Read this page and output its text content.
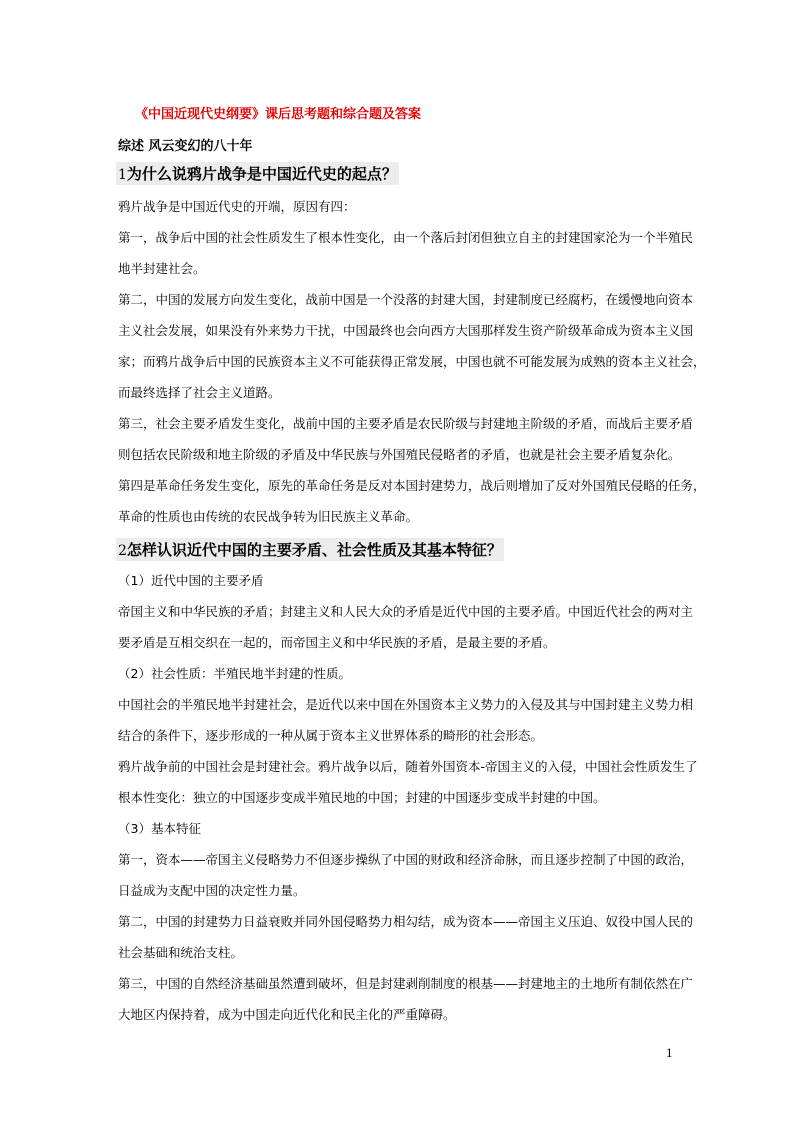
《中国近现代史纲要》课后思考题和综合题及答案
综述 风云变幻的八十年
1为什么说鸦片战争是中国近代史的起点？
鸦片战争是中国近代史的开端，原因有四：
第一，战争后中国的社会性质发生了根本性变化，由一个落后封闭但独立自主的封建国家沦为一个半殖民
地半封建社会。
第二，中国的发展方向发生变化，战前中国是一个没落的封建大国，封建制度已经腐朽，在缓慢地向资本
主义社会发展，如果没有外来势力干扰，中国最终也会向西方大国那样发生资产阶级革命成为资本主义国
家；而鸦片战争后中国的民族资本主义不可能获得正常发展，中国也就不可能发展为成熟的资本主义社会，
而最终选择了社会主义道路。
第三，社会主要矛盾发生变化，战前中国的主要矛盾是农民阶级与封建地主阶级的矛盾，而战后主要矛盾
则包括农民阶级和地主阶级的矛盾及中华民族与外国殖民侵略者的矛盾，也就是社会主要矛盾复杂化。
第四是革命任务发生变化，原先的革命任务是反对本国封建势力，战后则增加了反对外国殖民侵略的任务，
革命的性质也由传统的农民战争转为旧民族主义革命。
2怎样认识近代中国的主要矛盾、社会性质及其基本特征？
（1）近代中国的主要矛盾
帝国主义和中华民族的矛盾；封建主义和人民大众的矛盾是近代中国的主要矛盾。中国近代社会的两对主
要矛盾是互相交织在一起的，而帝国主义和中华民族的矛盾，是最主要的矛盾。
（2）社会性质：半殖民地半封建的性质。
中国社会的半殖民地半封建社会，是近代以来中国在外国资本主义势力的入侵及其与中国封建主义势力相
结合的条件下，逐步形成的一种从属于资本主义世界体系的畸形的社会形态。
鸦片战争前的中国社会是封建社会。鸦片战争以后，随着外国资本-帝国主义的入侵，中国社会性质发生了
根本性变化：独立的中国逐步变成半殖民地的中国；封建的中国逐步变成半封建的中国。
（3）基本特征
第一，资本——帝国主义侵略势力不但逐步操纵了中国的财政和经济命脉，而且逐步控制了中国的政治，
日益成为支配中国的决定性力量。
第二，中国的封建势力日益衰败并同外国侵略势力相勾结，成为资本——帝国主义压迫、奴役中国人民的
社会基础和统治支柱。
第三，中国的自然经济基础虽然遭到破坏，但是封建剥削制度的根基——封建地主的土地所有制依然在广
大地区内保持着，成为中国走向近代化和民主化的严重障碍。
1
